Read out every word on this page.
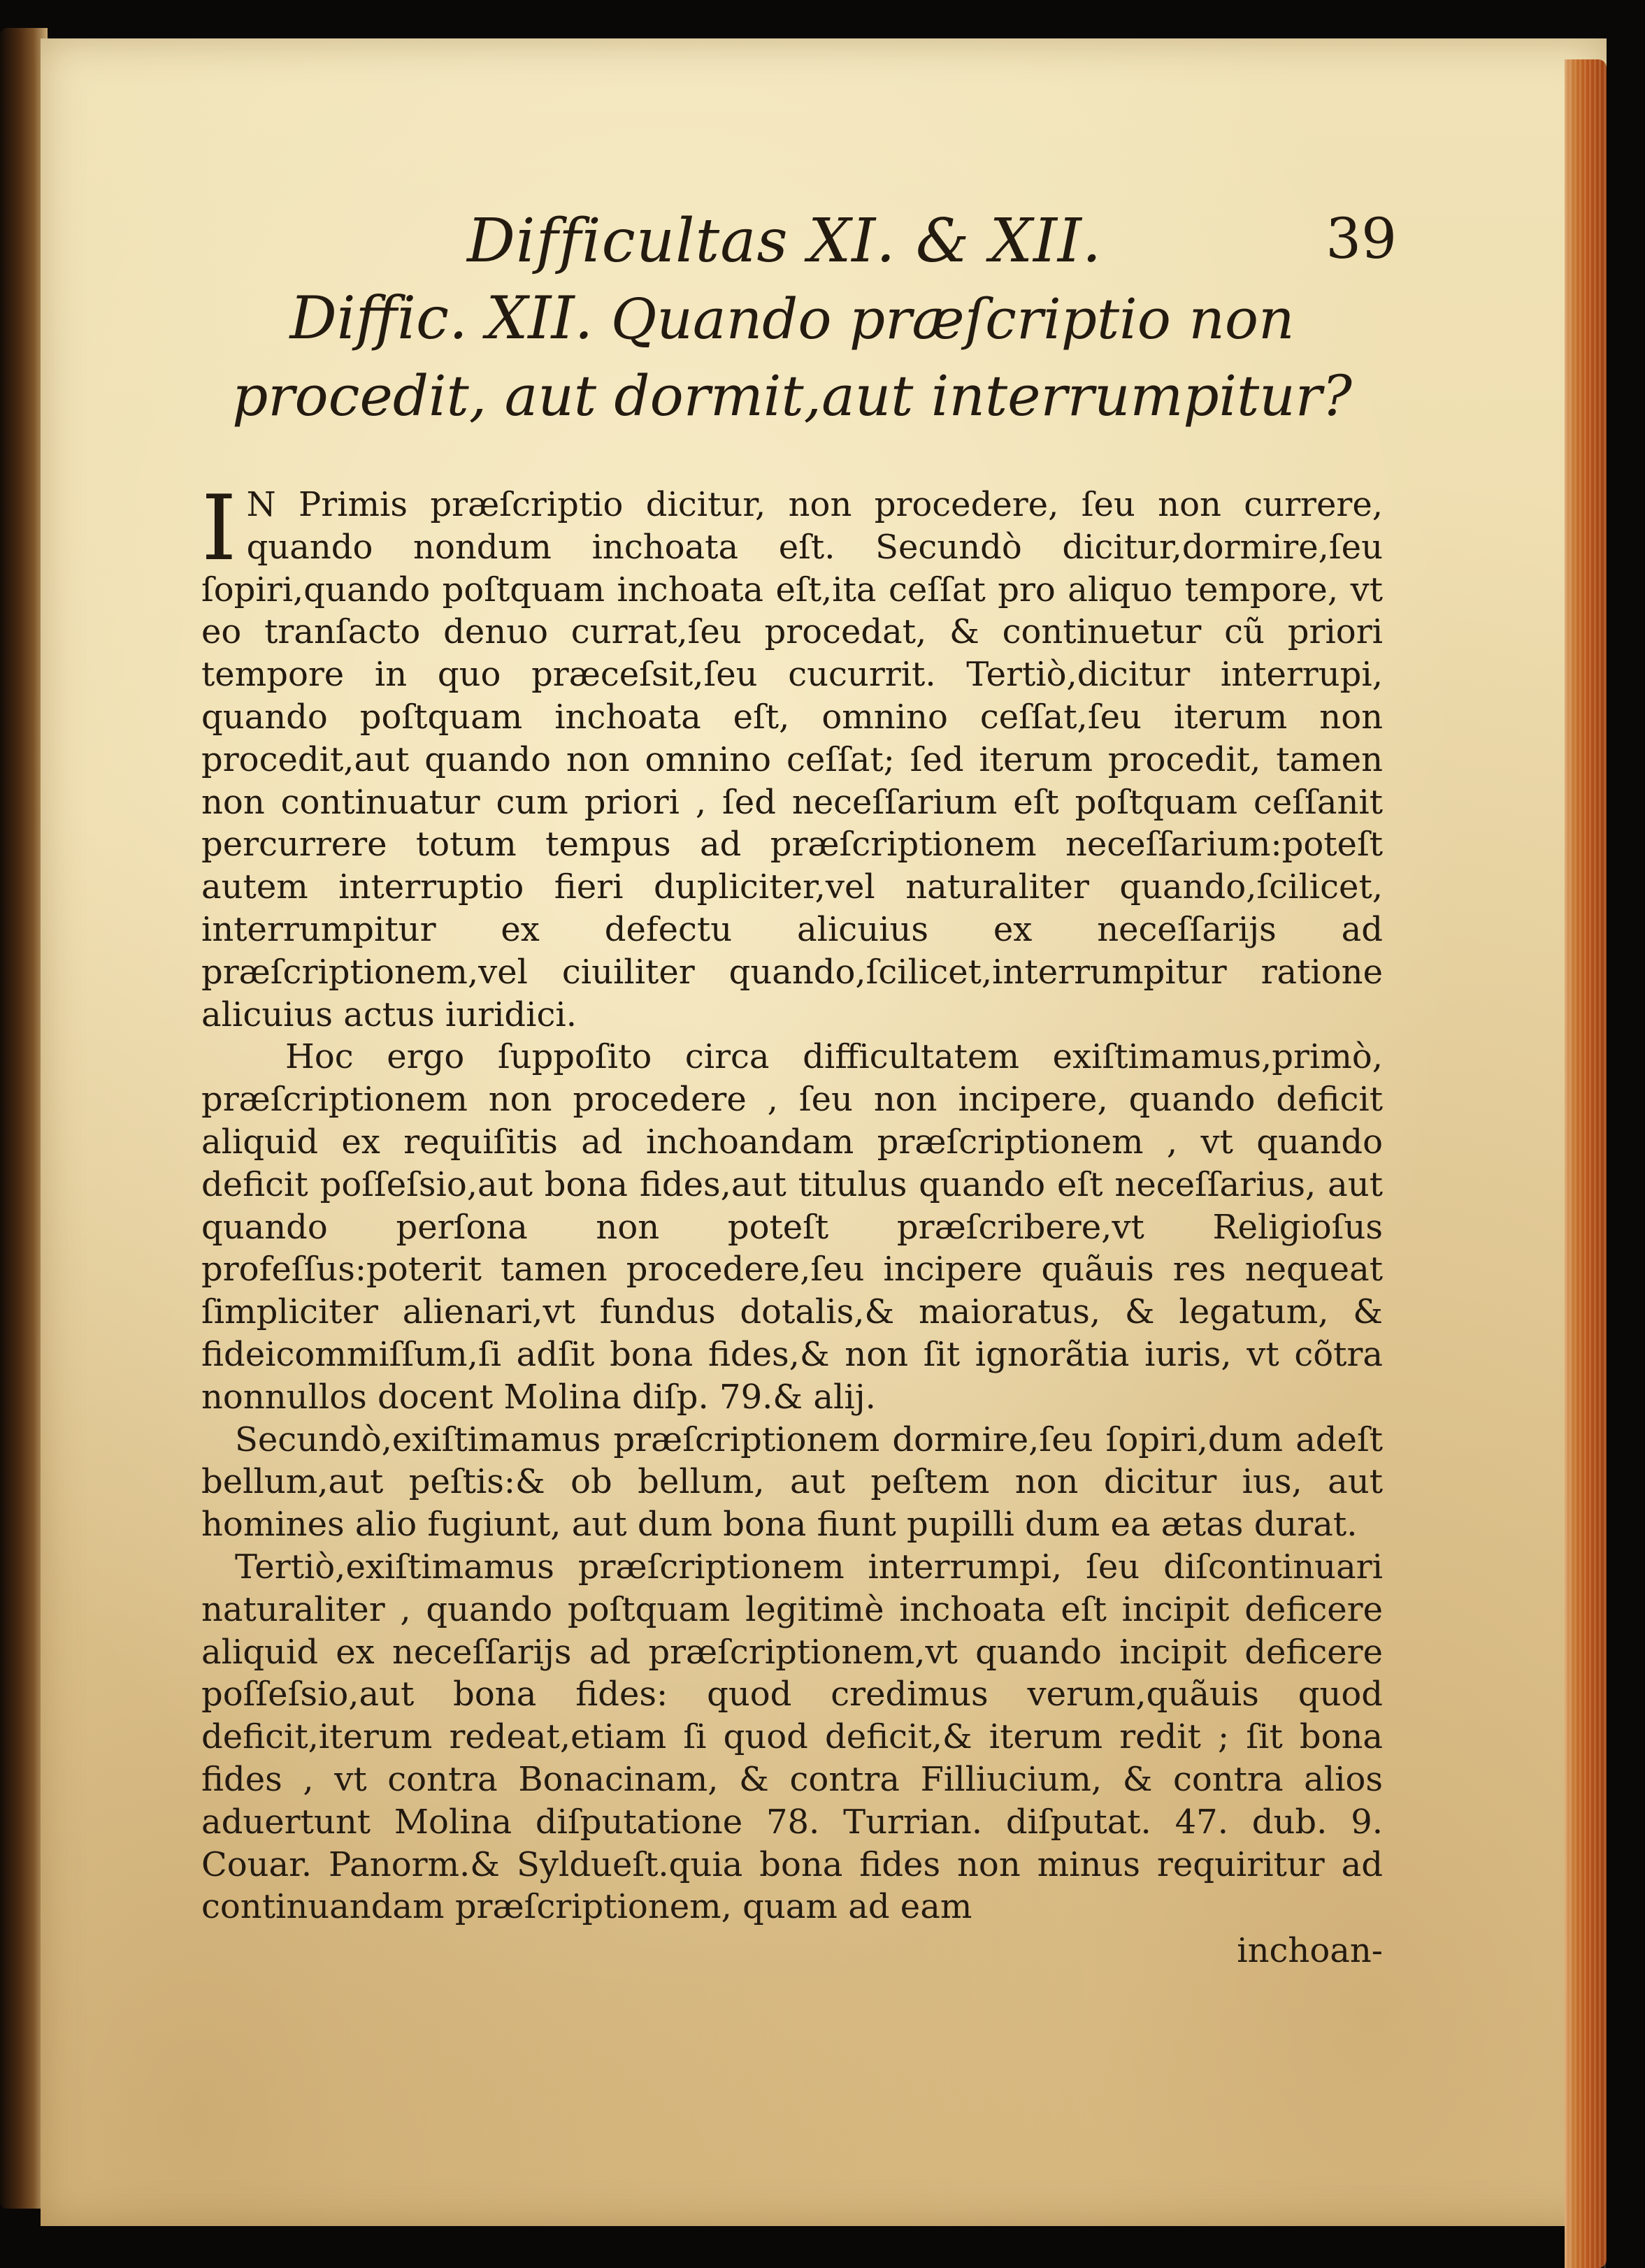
Difficultas XI. & XII.	39
Diffic. XII. Quando præſcriptio non procedit, aut dormit,aut interrumpitur?

I N Primis præſcriptio dicitur, non procedere, ſeu non currere, quando nondum inchoata eſt. Secundò dicitur,dormire,ſeu ſopiri,quando poſtquam inchoata eſt,ita ceſſat pro aliquo tempore, vt eo tranſacto denuo currat,ſeu procedat, & continuetur cũ priori tempore in quo præceſsit,ſeu cucurrit. Tertiò,dicitur interrupi, quando poſtquam inchoata eſt, omnino ceſſat,ſeu iterum non procedit,aut quando non omnino ceſſat; ſed iterum procedit, tamen non continuatur cum priori , ſed neceſſarium eſt poſtquam ceſſanit percurrere totum tempus ad præſcriptionem neceſſarium:poteſt autem interruptio fieri dupliciter,vel naturaliter quando,ſcilicet, interrumpitur ex defectu alicuius ex neceſſarijs ad præſcriptionem,vel ciuiliter quando,ſcilicet,interrumpitur ratione alicuius actus iuridici.

Hoc ergo ſuppoſito circa difficultatem exiſtimamus,primò, præſcriptionem non procedere , ſeu non incipere, quando deficit aliquid ex requiſitis ad inchoandam præſcriptionem , vt quando deficit poſſeſsio,aut bona fides,aut titulus quando eſt neceſſarius, aut quando perſona non poteſt præſcribere,vt Religioſus profeſſus:poterit tamen procedere,ſeu incipere quãuis res nequeat ſimpliciter alienari,vt fundus dotalis,& maioratus, & legatum, & fideicommiſſum,ſi adſit bona fides,& non ſit ignorãtia iuris, vt cõtra nonnullos docent Molina diſp. 79.& alij.

Secundò,exiſtimamus præſcriptionem dormire,ſeu ſopiri,dum adeſt bellum,aut peſtis:& ob bellum, aut peſtem non dicitur ius, aut homines alio fugiunt, aut dum bona fiunt pupilli dum ea ætas durat.

Tertiò,exiſtimamus præſcriptionem interrumpi, ſeu diſcontinuari naturaliter , quando poſtquam legitimè inchoata eſt incipit deficere aliquid ex neceſſarijs ad præſcriptionem,vt quando incipit deficere poſſeſsio,aut bona fides: quod credimus verum,quãuis quod deficit,iterum redeat,etiam ſi quod deficit,& iterum redit ; ſit bona fides , vt contra Bonacinam, & contra Filliucium, & contra alios aduertunt Molina diſputatione 78. Turrian. diſputat. 47. dub. 9. Couar. Panorm.& Syldueſt.quia bona fides non minus requiritur ad continuandam præſcriptionem, quam ad eam

inchoan-
